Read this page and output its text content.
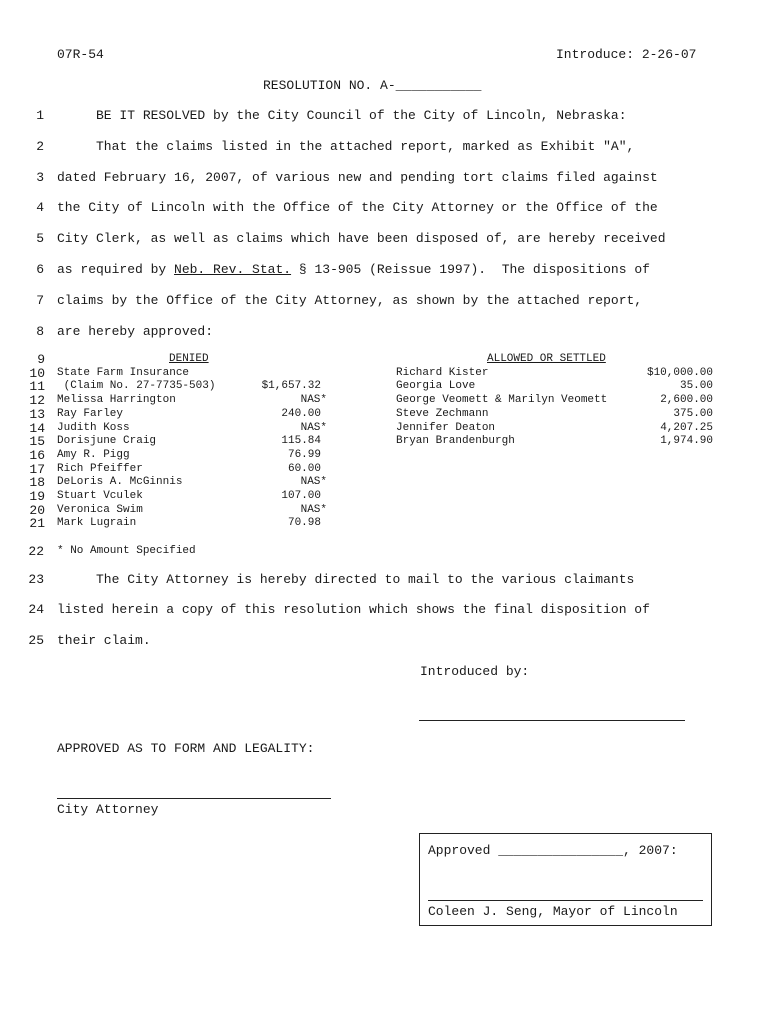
07R-54	Introduce: 2-26-07
RESOLUTION NO. A-___________
1 BE IT RESOLVED by the City Council of the City of Lincoln, Nebraska:
2 That the claims listed in the attached report, marked as Exhibit "A",
3 dated February 16, 2007, of various new and pending tort claims filed against
4 the City of Lincoln with the Office of the City Attorney or the Office of the
5 City Clerk, as well as claims which have been disposed of, are hereby received
6 as required by Neb. Rev. Stat. § 13-905 (Reissue 1997).  The dispositions of
7 claims by the Office of the City Attorney, as shown by the attached report,
8 are hereby approved:
9
10
11
12
13
14
15
16
17
18
19
20
21
DENIED
State Farm Insurance
(Claim No. 27-7735-503)	$1,657.32
Melissa Harrington	NAS*
Ray Farley	240.00
Judith Koss	NAS*
Dorisjune Craig	115.84
Amy R. Pigg	76.99
Rich Pfeiffer	60.00
DeLoris A. McGinnis	NAS*
Stuart Vculek	107.00
Veronica Swim	NAS*
Mark Lugrain	70.98
ALLOWED OR SETTLED
Richard Kister	$10,000.00
Georgia Love	35.00
George Veomett & Marilyn Veomett	2,600.00
Steve Zechmann	375.00
Jennifer Deaton	4,207.25
Bryan Brandenburgh	1,974.90
22 * No Amount Specified
23 The City Attorney is hereby directed to mail to the various claimants
24 listed herein a copy of this resolution which shows the final disposition of
25 their claim.
Introduced by:
APPROVED AS TO FORM AND LEGALITY:
City Attorney
Approved ________________, 2007:
Coleen J. Seng, Mayor of Lincoln
